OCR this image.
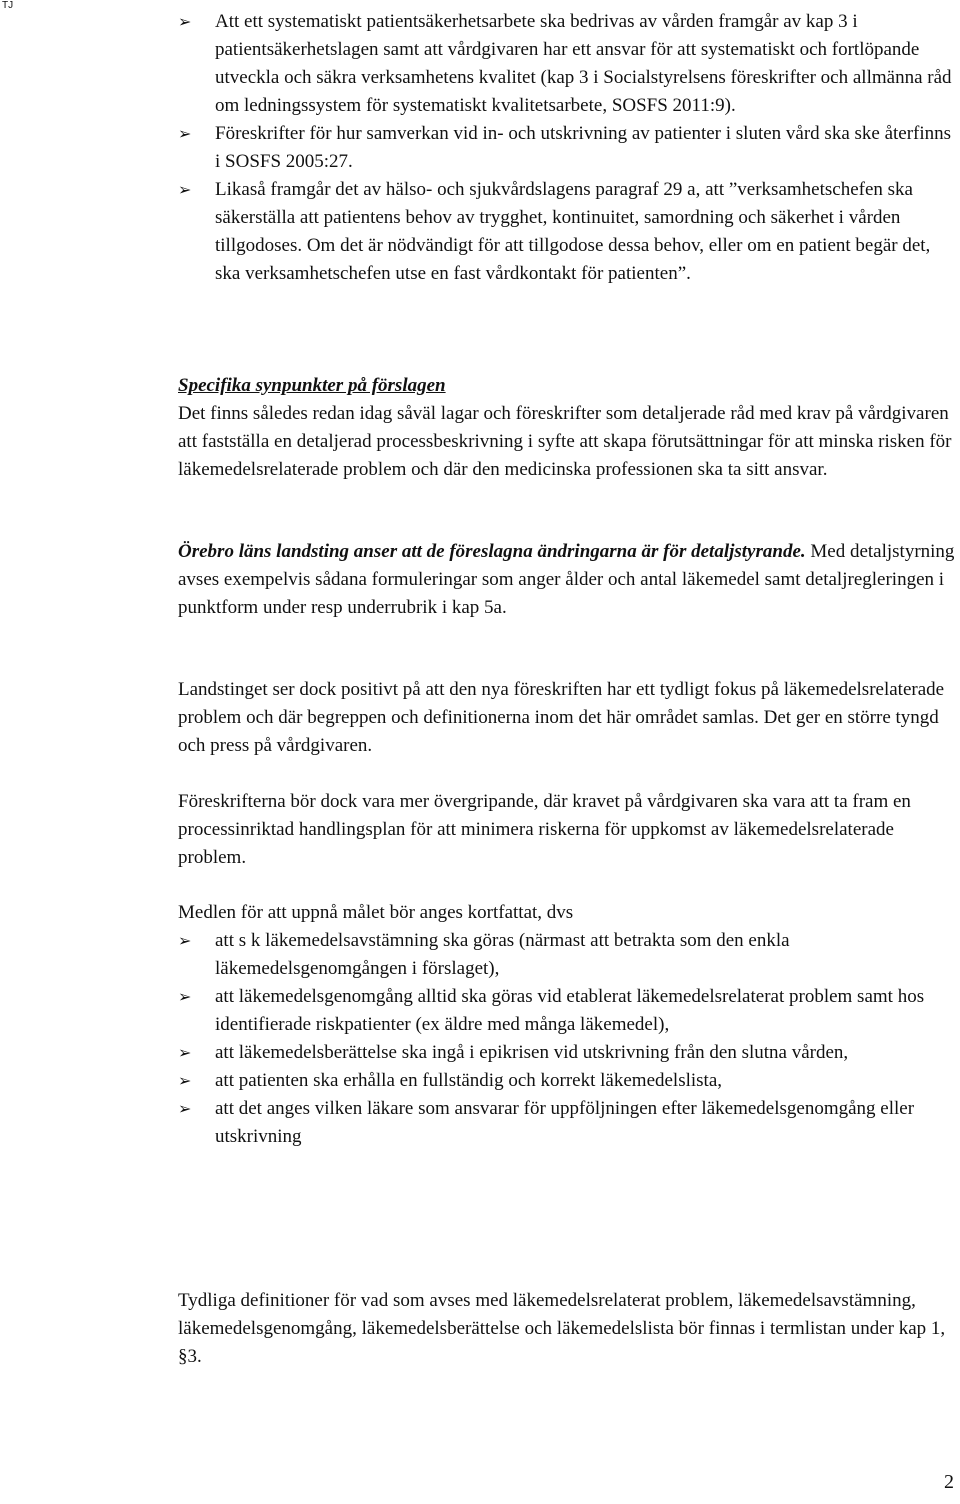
TJ
➢ Att ett systematiskt patientsäkerhetsarbete ska bedrivas av vården framgår av kap 3 i patientsäkerhetslagen samt att vårdgivaren har ett ansvar för att systematiskt och fortlöpande utveckla och säkra verksamhetens kvalitet (kap 3 i Socialstyrelsens föreskrifter och allmänna råd om ledningssystem för systematiskt kvalitetsarbete, SOSFS 2011:9).
➢ Föreskrifter för hur samverkan vid in- och utskrivning av patienter i sluten vård ska ske återfinns i SOSFS 2005:27.
➢ Likaså framgår det av hälso- och sjukvårdslagens paragraf 29 a, att ”verksamhetschefen ska säkerställa att patientens behov av trygghet, kontinuitet, samordning och säkerhet i vården tillgodoses. Om det är nödvändigt för att tillgodose dessa behov, eller om en patient begär det, ska verksamhetschefen utse en fast vårdkontakt för patienten”.

Specifika synpunkter på förslagen

Det finns således redan idag såväl lagar och föreskrifter som detaljerade råd med krav på vårdgivaren att fastställa en detaljerad processbeskrivning i syfte att skapa förutsättningar för att minska risken för läkemedelsrelaterade problem och där den medicinska professionen ska ta sitt ansvar.

Örebro läns landsting anser att de föreslagna ändringarna är för detaljstyrande. Med detaljstyrning avses exempelvis sådana formuleringar som anger ålder och antal läkemedel samt detaljregleringen i punktform under resp underrubrik i kap 5a.

Landstinget ser dock positivt på att den nya föreskriften har ett tydligt fokus på läkemedelsrelaterade problem och där begreppen och definitionerna inom det här området samlas. Det ger en större tyngd och press på vårdgivaren.

Föreskrifterna bör dock vara mer övergripande, där kravet på vårdgivaren ska vara att ta fram en processinriktad handlingsplan för att minimera riskerna för uppkomst av läkemedelsrelaterade problem.

Medlen för att uppnå målet bör anges kortfattat, dvs

➢ att s k läkemedelsavstämning ska göras (närmast att betrakta som den enkla läkemedelsgenomgången i förslaget),
➢ att läkemedelsgenomgång alltid ska göras vid etablerat läkemedelsrelaterat problem samt hos identifierade riskpatienter (ex äldre med många läkemedel),
➢ att läkemedelsberättelse ska ingå i epikrisen vid utskrivning från den slutna vården,
➢ att patienten ska erhålla en fullständig och korrekt läkemedelslista,
➢ att det anges vilken läkare som ansvarar för uppföljningen efter läkemedelsgenomgång eller utskrivning

Tydliga definitioner för vad som avses med läkemedelsrelaterat problem, läkemedelsavstämning, läkemedelsgenomgång, läkemedelsberättelse och läkemedelslista bör finnas i termlistan under kap 1, §3.

2
